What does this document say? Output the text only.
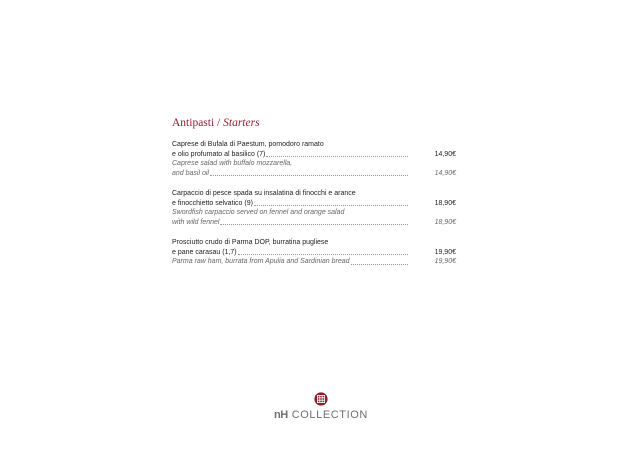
Antipasti / Starters
Caprese di Bufala di Paestum, pomodoro ramato
e olio profumato al basilico (7)	14,90€
Caprese salad with buffalo mozzarella,
and basil oil	14,90€
Carpaccio di pesce spada su insalatina di finocchi e arance
e finocchietto selvatico (9)	18,90€
Swordfish carpaccio served on fennel and orange salad
with wild fennel	18,90€
Prosciutto crudo di Parma DOP, burratina pugliese
e pane carasau (1,7)	19,90€
Parma raw ham, burrata from Apulia and Sardinian bread	19,90€
nH COLLECTION
